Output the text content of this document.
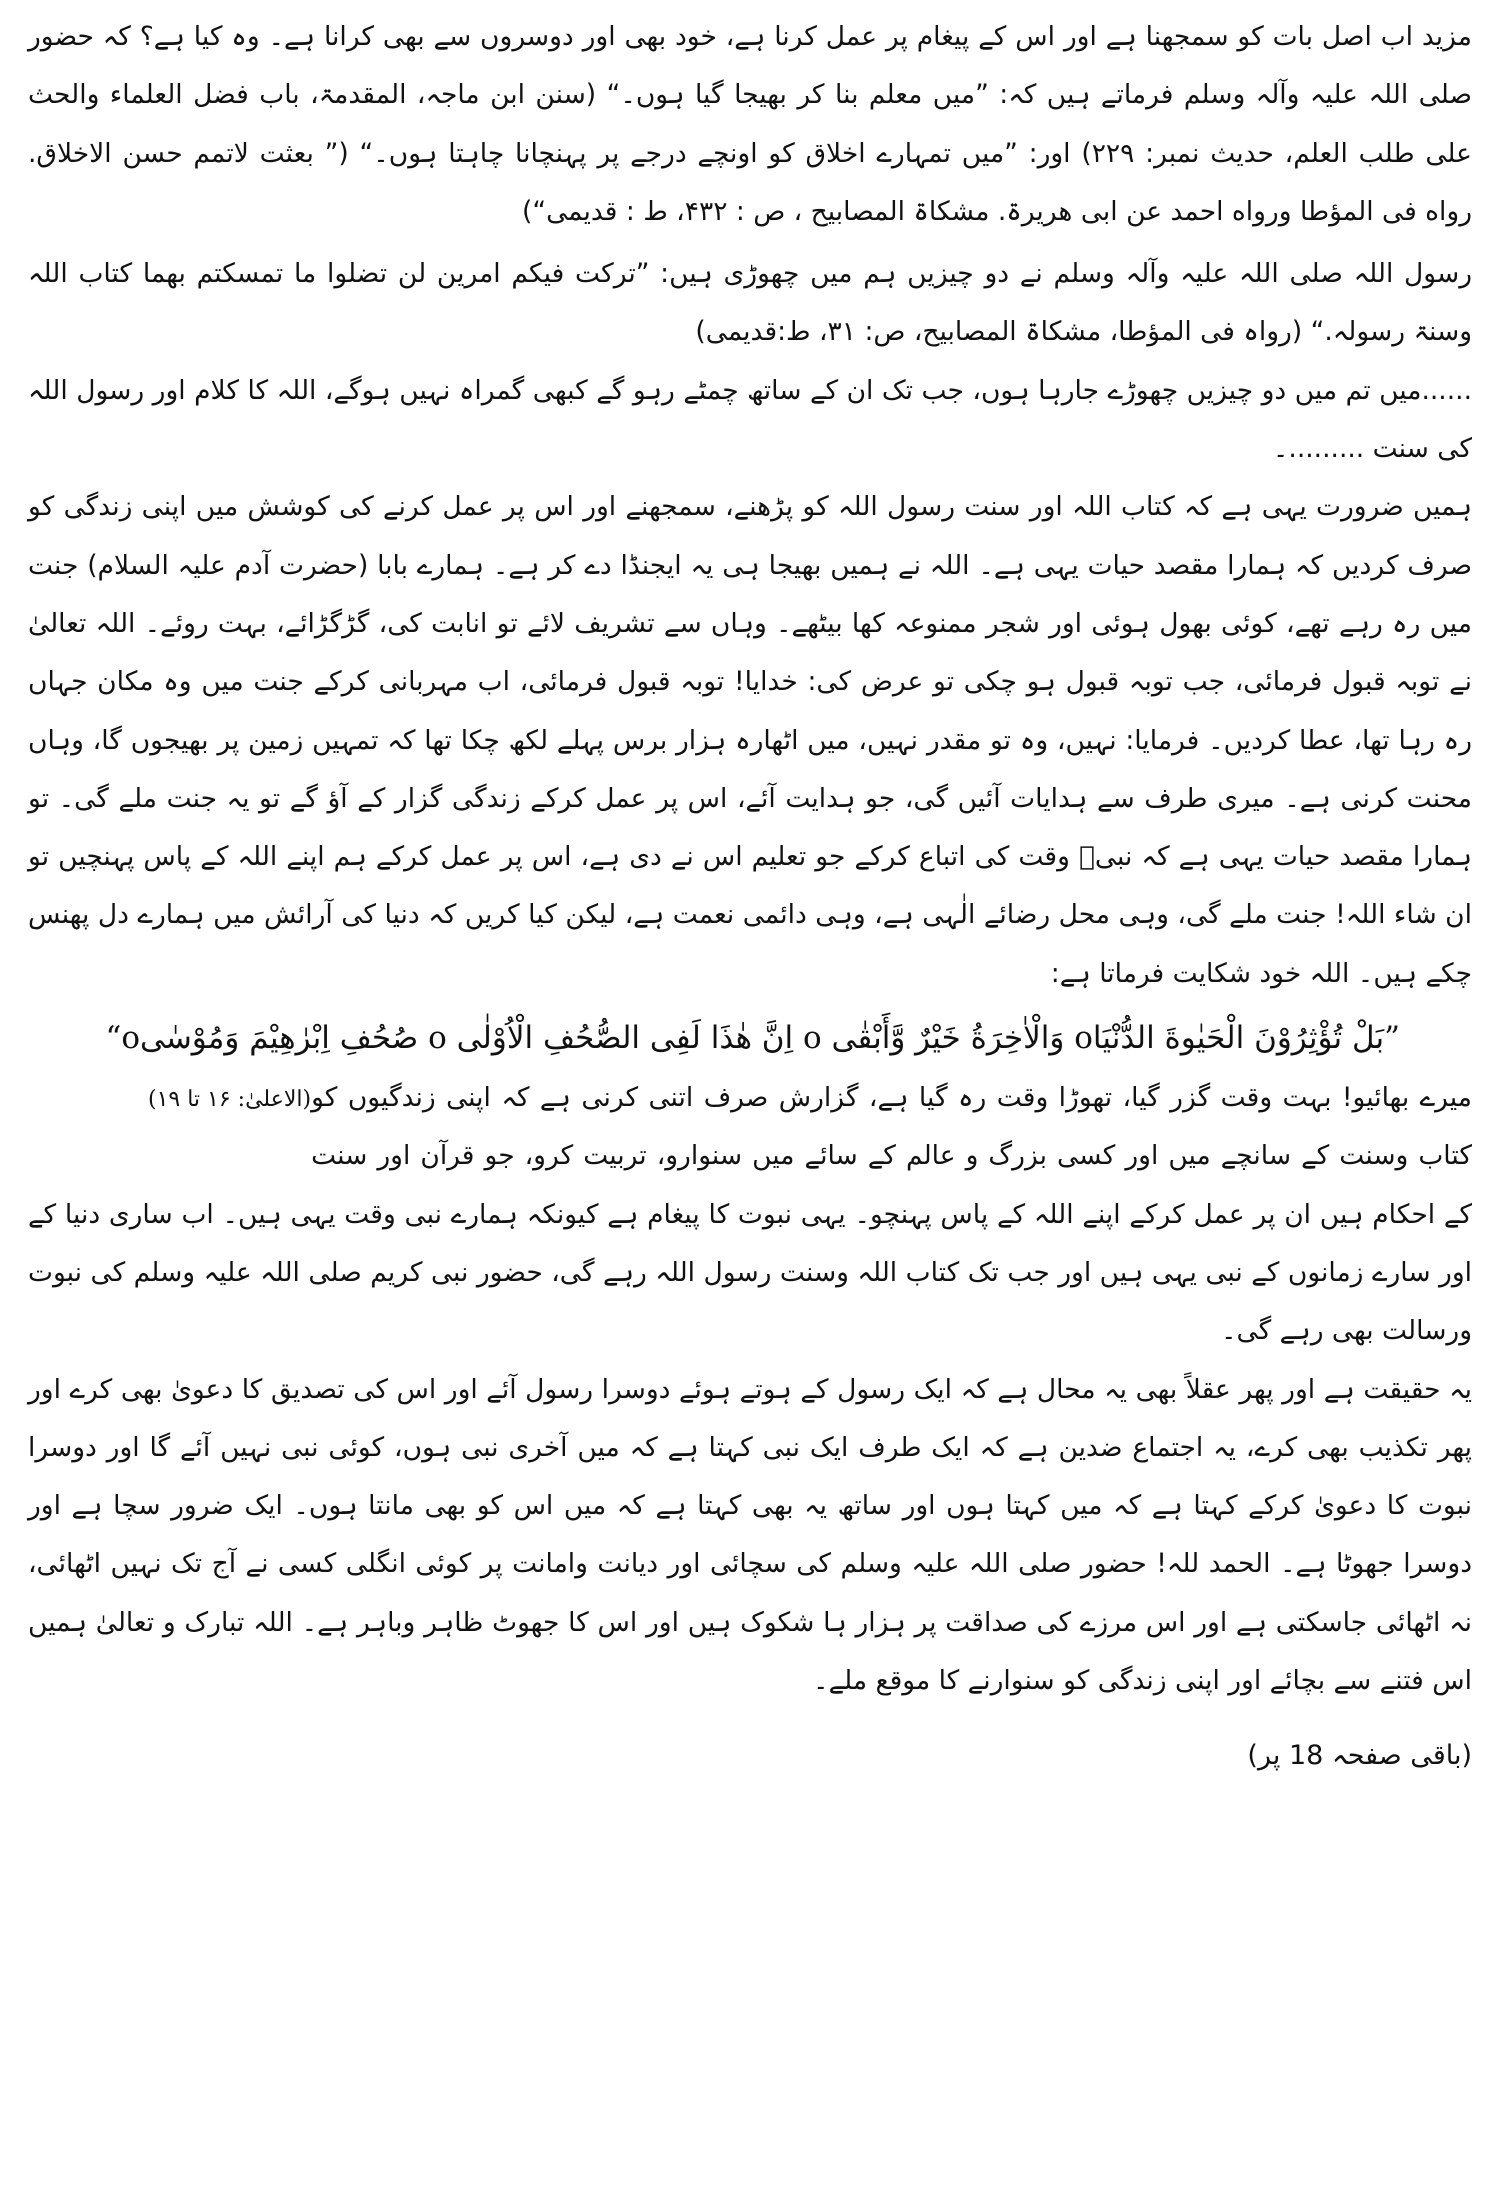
مزید اب اصل بات کو سمجھنا ہے اور اس کے پیغام پر عمل کرنا ہے، خود بھی اور دوسروں سے بھی کرانا ہے۔ وہ کیا ہے؟ کہ حضور صلی اللہ علیہ وآلہ وسلم فرماتے ہیں کہ: ”میں معلم بنا کر بھیجا گیا ہوں۔“ (سنن ابن ماجہ، المقدمۃ، باب فضل العلماء والحث علی طلب العلم، حدیث نمبر: ۲۲۹) اور: ”میں تمہارے اخلاق کو اونچے درجے پر پہنچانا چاہتا ہوں۔“ (” بعثت لاتمم حسن الاخلاق. رواه فی المؤطا ورواه احمد عن ابی ھریرۃ. مشکاۃ المصابیح ، ص : ۴۳۲، ط : قدیمی“)

رسول اللہ صلی اللہ علیہ وآلہ وسلم نے دو چیزیں ہم میں چھوڑی ہیں: ”ترکت فیکم امرین لن تضلوا ما تمسکتم بھما کتاب اللہ وسنۃ رسولہ.“ (رواہ فی المؤطا، مشکاۃ المصابیح، ص: ۳۱، ط:قدیمی)

......میں تم میں دو چیزیں چھوڑے جارہا ہوں، جب تک ان کے ساتھ چمٹے رہو گے کبھی گمراہ نہیں ہوگے، اللہ کا کلام اور رسول اللہ کی سنت .........۔

ہمیں ضرورت یہی ہے کہ کتاب اللہ اور سنت رسول اللہ کو پڑھنے، سمجھنے اور اس پر عمل کرنے کی کوشش میں اپنی زندگی کو صرف کردیں کہ ہمارا مقصد حیات یہی ہے۔ اللہ نے ہمیں بھیجا ہی یہ ایجنڈا دے کر ہے۔ ہمارے بابا (حضرت آدم علیہ السلام) جنت میں رہ رہے تھے، کوئی بھول ہوئی اور شجر ممنوعہ کھا بیٹھے۔ وہاں سے تشریف لائے تو انابت کی، گڑگڑائے، بہت روئے۔ اللہ تعالیٰ نے توبہ قبول فرمائی، جب توبہ قبول ہو چکی تو عرض کی: خدایا! توبہ قبول فرمائی، اب مہربانی کرکے جنت میں وہ مکان جہاں رہ رہا تھا، عطا کردیں۔ فرمایا: نہیں، وہ تو مقدر نہیں، میں اٹھارہ ہزار برس پہلے لکھ چکا تھا کہ تمہیں زمین پر بھیجوں گا، وہاں محنت کرنی ہے۔ میری طرف سے ہدایات آئیں گی، جو ہدایت آئے، اس پر عمل کرکے زندگی گزار کے آؤ گے تو یہ جنت ملے گی۔ تو ہمارا مقصد حیات یہی ہے کہ نبیؐ وقت کی اتباع کرکے جو تعلیم اس نے دی ہے، اس پر عمل کرکے ہم اپنے اللہ کے پاس پہنچیں تو ان شاء اللہ! جنت ملے گی، وہی محل رضائے الٰہی ہے، وہی دائمی نعمت ہے، لیکن کیا کریں کہ دنیا کی آرائش میں ہمارے دل پھنس چکے ہیں۔ اللہ خود شکایت فرماتا ہے:

”بَلْ تُؤْثِرُوْنَ الْحَیٰوةَ الدُّنْیَاo وَالْاٰخِرَةُ خَیْرٌ وَّأَبْقٰی o اِنَّ هٰذَا لَفِی الصُّحُفِ الْاُوْلٰی o صُحُفِ اِبْرٰهِیْمَ وَمُوْسٰیo“
(الاعلیٰ: ۱۶ تا ۱۹) میرے بھائیو! بہت وقت گزر گیا، تھوڑا وقت رہ گیا ہے، گزارش صرف اتنی کرنی ہے کہ اپنی زندگیوں کو کتاب وسنت کے سانچے میں اور کسی بزرگ و عالم کے سائے میں سنوارو، تربیت کرو، جو قرآن اور سنت کے احکام ہیں ان پر عمل کرکے اپنے اللہ کے پاس پہنچو۔ یہی نبوت کا پیغام ہے کیونکہ ہمارے نبی وقت یہی ہیں۔ اب ساری دنیا کے اور سارے زمانوں کے نبی یہی ہیں اور جب تک کتاب اللہ وسنت رسول اللہ رہے گی، حضور نبی کریم صلی اللہ علیہ وسلم کی نبوت ورسالت بھی رہے گی۔

یہ حقیقت ہے اور پھر عقلاً بھی یہ محال ہے کہ ایک رسول کے ہوتے ہوئے دوسرا رسول آئے اور اس کی تصدیق کا دعویٰ بھی کرے اور پھر تکذیب بھی کرے، یہ اجتماع ضدین ہے کہ ایک طرف ایک نبی کہتا ہے کہ میں آخری نبی ہوں، کوئی نبی نہیں آئے گا اور دوسرا نبوت کا دعویٰ کرکے کہتا ہے کہ میں کہتا ہوں اور ساتھ یہ بھی کہتا ہے کہ میں اس کو بھی مانتا ہوں۔ ایک ضرور سچا ہے اور دوسرا جھوٹا ہے۔ الحمد للہ! حضور صلی اللہ علیہ وسلم کی سچائی اور دیانت وامانت پر کوئی انگلی کسی نے آج تک نہیں اٹھائی، نہ اٹھائی جاسکتی ہے اور اس مرزے کی صداقت پر ہزار ہا شکوک ہیں اور اس کا جھوٹ ظاہر وباہر ہے۔ اللہ تبارک و تعالیٰ ہمیں اس فتنے سے بچائے اور اپنی زندگی کو سنوارنے کا موقع ملے۔

(باقی صفحہ 18 پر)
